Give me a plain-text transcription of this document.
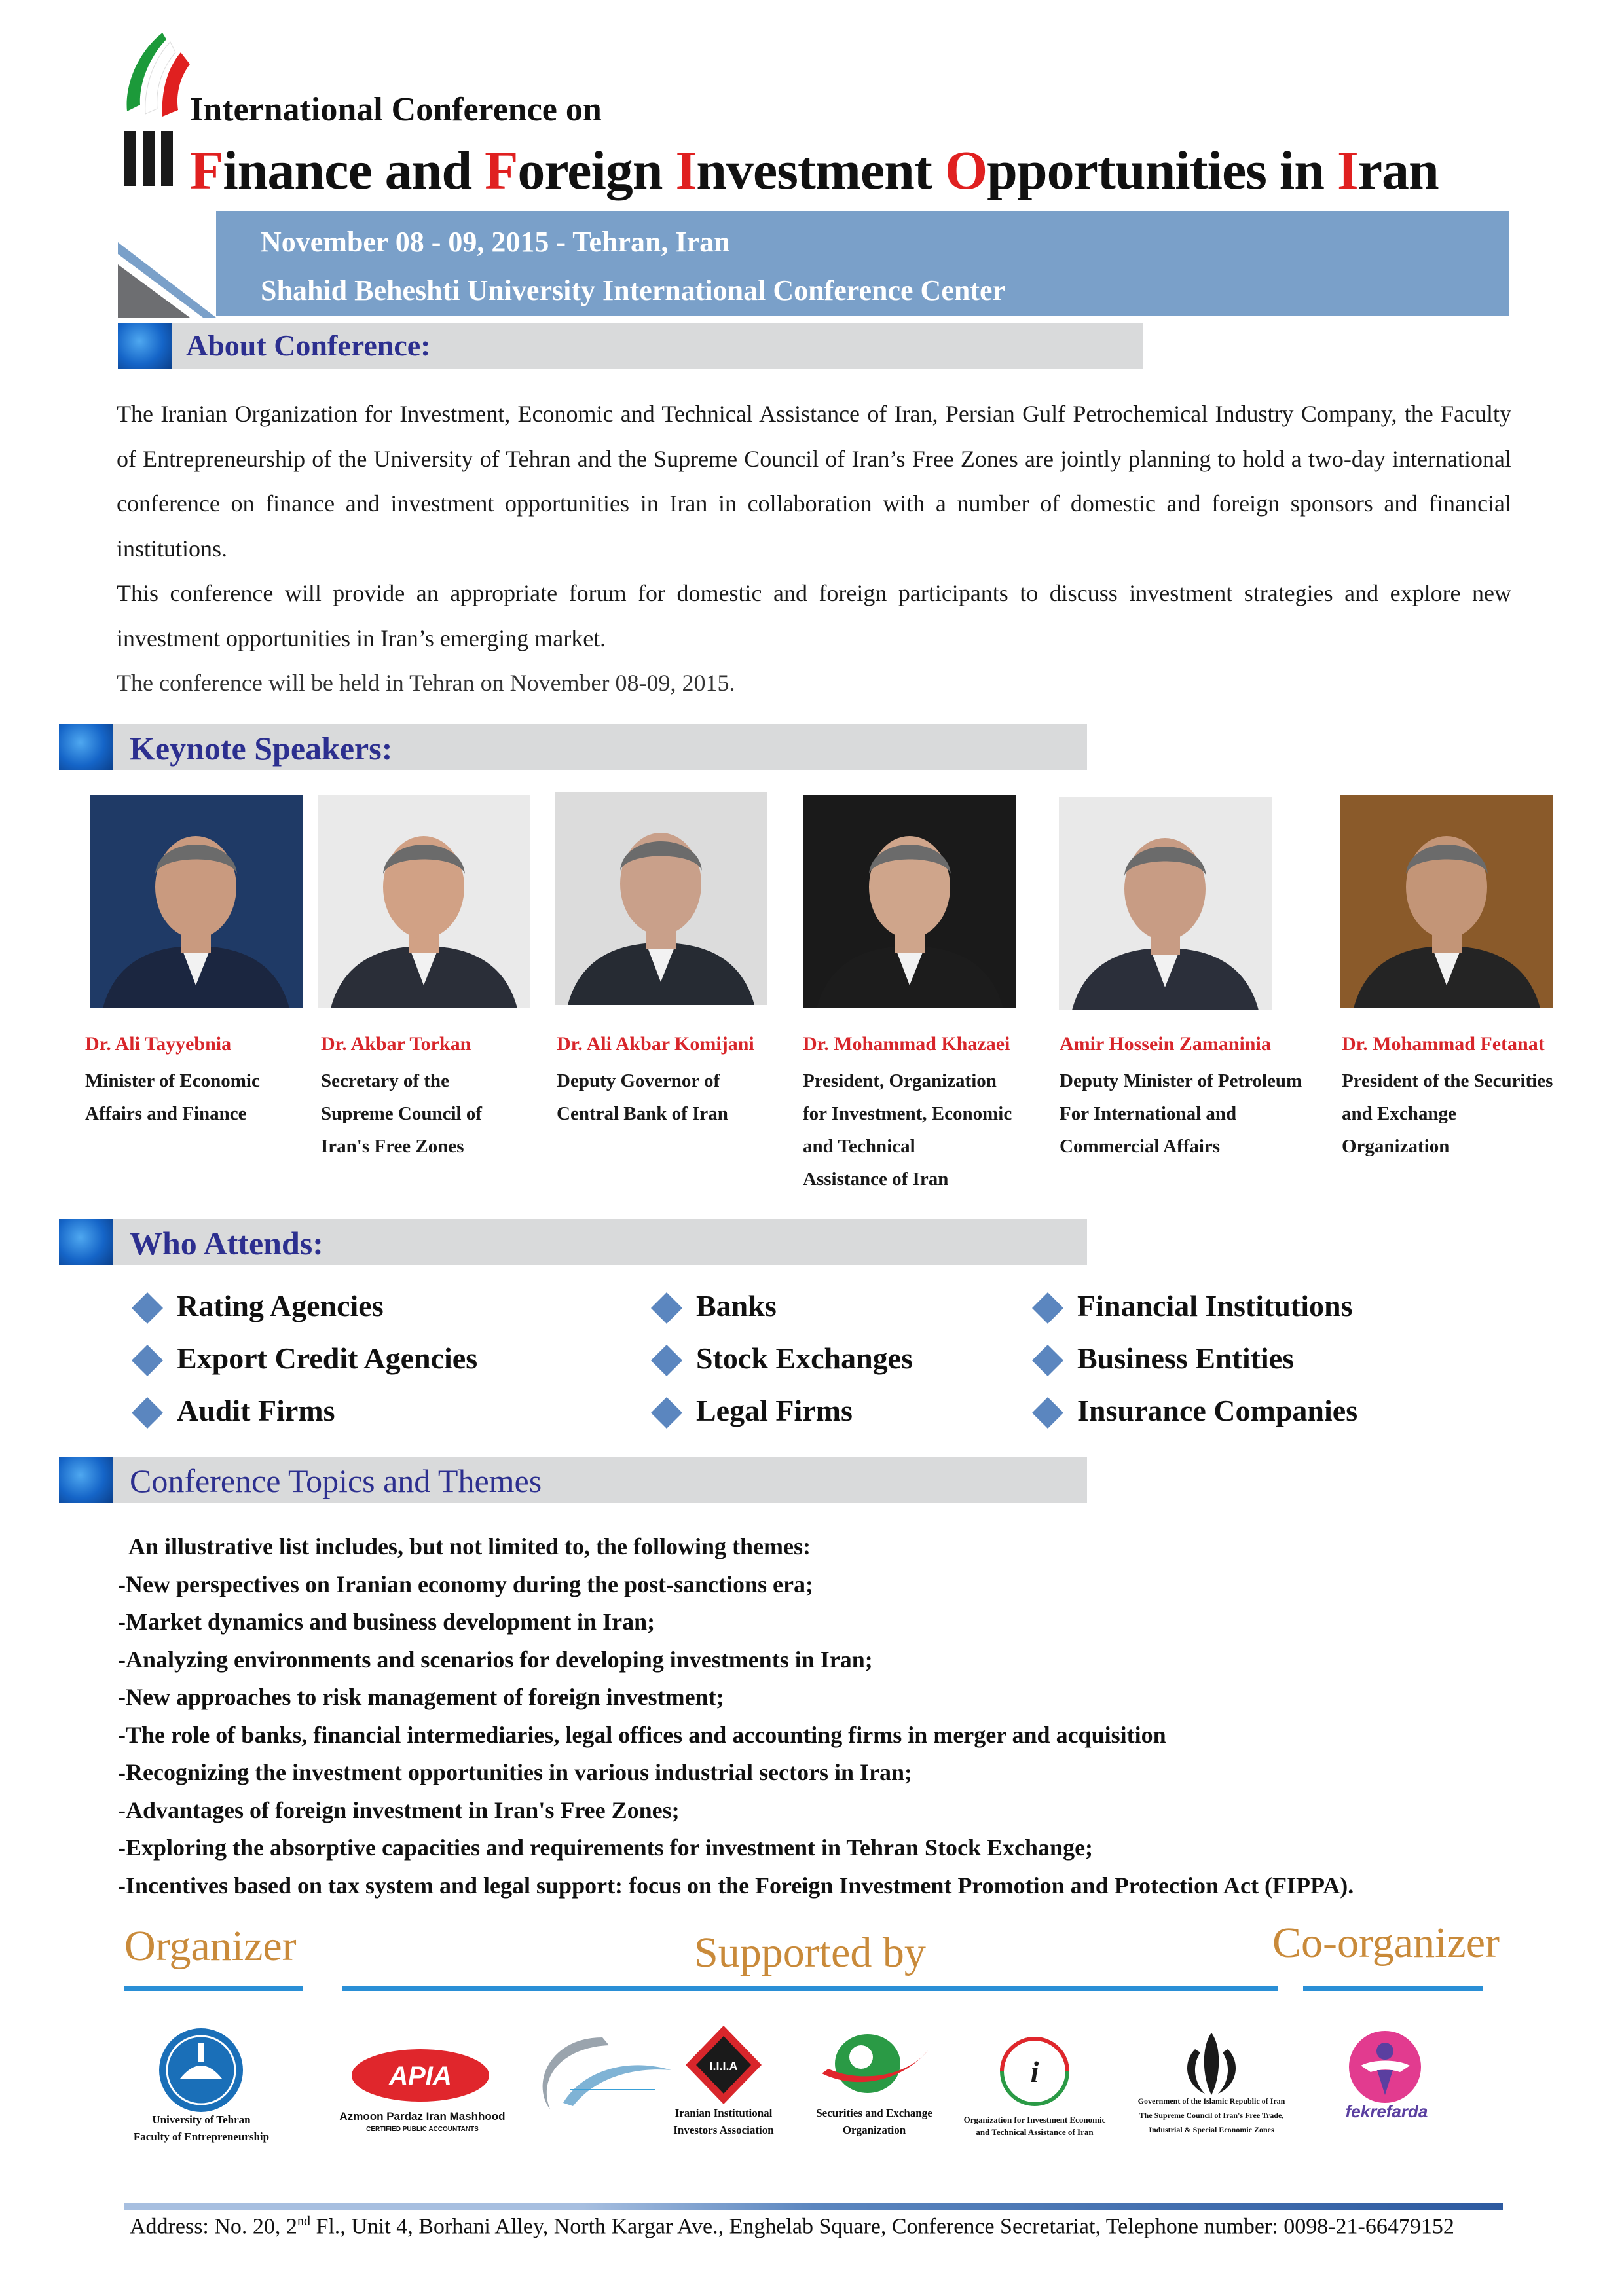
International Conference on
Finance and Foreign Investment Opportunities in Iran
November 08 - 09, 2015 - Tehran, Iran
Shahid Beheshti University International Conference Center
About Conference:

The Iranian Organization for Investment, Economic and Technical Assistance of Iran, Persian Gulf Petrochemical Industry Company, the Faculty of Entrepreneurship of the University of Tehran and the Supreme Council of Iran’s Free Zones are jointly planning to hold a two-day international conference on finance and investment opportunities in Iran in collaboration with a number of domestic and foreign sponsors and financial institutions.

This conference will provide an appropriate forum for domestic and foreign participants to discuss investment strategies and explore new investment opportunities in Iran’s emerging market.

The conference will be held in Tehran on November 08-09, 2015.

Keynote Speakers:
Dr. Ali Tayyebnia
Minister of Economic
Affairs and Finance
Dr. Akbar Torkan
Secretary of the
Supreme Council of
Iran's Free Zones
Dr. Ali Akbar Komijani
Deputy Governor of
Central Bank of Iran
Dr. Mohammad Khazaei
President, Organization
for Investment, Economic
and Technical
Assistance of Iran
Amir Hossein Zamaninia
Deputy Minister of Petroleum
For International and
Commercial Affairs
Dr. Mohammad Fetanat
President of the Securities
and Exchange
Organization
Who Attends:
Rating Agencies
Export Credit Agencies
Audit Firms
Banks
Stock Exchanges
Legal Firms
Financial Institutions
Business Entities
Insurance Companies
Conference Topics and Themes
An illustrative list includes, but not limited to, the following themes:
-New perspectives on Iranian economy during the post-sanctions era;
-Market dynamics and business development in Iran;
-Analyzing environments and scenarios for developing investments in Iran;
-New approaches to risk management of foreign investment;
-The role of banks, financial intermediaries, legal offices and accounting firms in merger and acquisition
-Recognizing the investment opportunities in various industrial sectors in Iran;
-Advantages of foreign investment in Iran's Free Zones;
-Exploring the absorptive capacities and requirements for investment in Tehran Stock Exchange;
-Incentives based on tax system and legal support: focus on the Foreign Investment Promotion and Protection Act (FIPPA).
Organizer	Supported by	Co-organizer
University of Tehran
Faculty of Entrepreneurship
APIA
Azmoon Pardaz Iran Mashhood
CERTIFIED PUBLIC ACCOUNTANTS
I.I.I.A
Iranian Institutional
Investors Association
Securities and Exchange
Organization
i
Organization for Investment Economic
and Technical Assistance of Iran
Government of the Islamic Republic of Iran
The Supreme Council of Iran's Free Trade,
Industrial & Special Economic Zones
fekrefarda
Address: No. 20, 2nd Fl., Unit 4, Borhani Alley, North Kargar Ave., Enghelab Square, Conference Secretariat, Telephone number: 0098-21-66479152
